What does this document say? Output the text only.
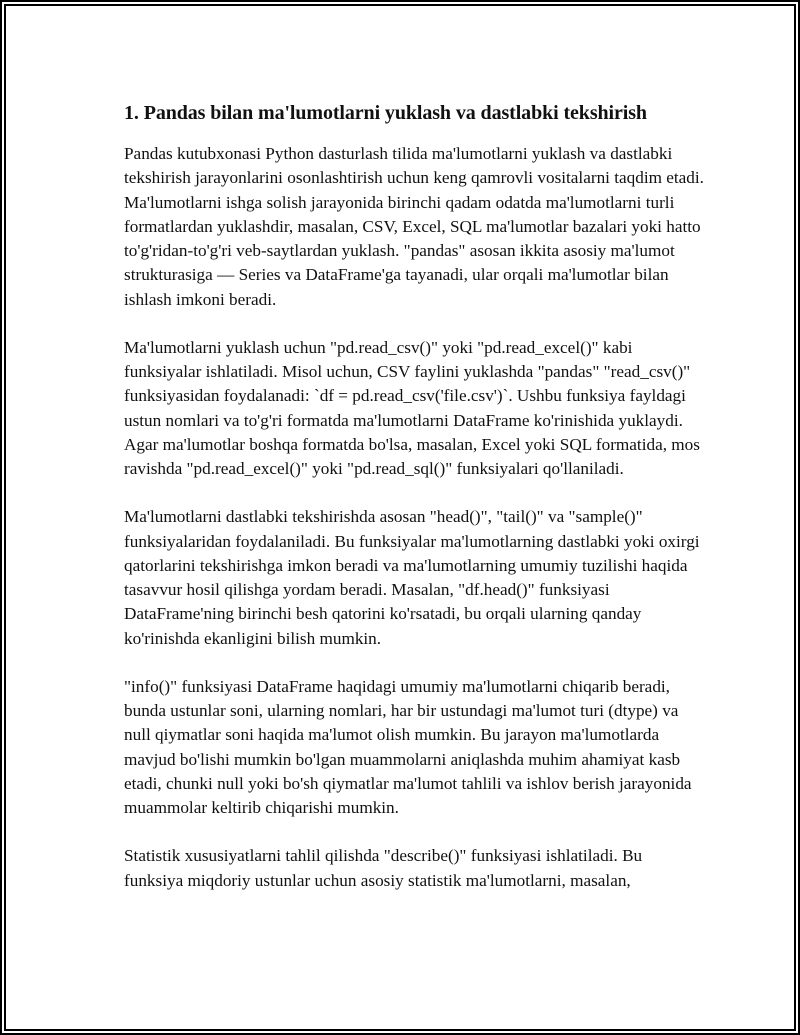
1. Pandas bilan ma'lumotlarni yuklash va dastlabki tekshirish

Pandas kutubxonasi Python dasturlash tilida ma'lumotlarni yuklash va dastlabki tekshirish jarayonlarini osonlashtirish uchun keng qamrovli vositalarni taqdim etadi. Ma'lumotlarni ishga solish jarayonida birinchi qadam odatda ma'lumotlarni turli formatlardan yuklashdir, masalan, CSV, Excel, SQL ma'lumotlar bazalari yoki hatto to'g'ridan-to'g'ri veb-saytlardan yuklash. "pandas" asosan ikkita asosiy ma'lumot strukturasiga — Series va DataFrame'ga tayanadi, ular orqali ma'lumotlar bilan ishlash imkoni beradi.

Ma'lumotlarni yuklash uchun "pd.read_csv()" yoki "pd.read_excel()" kabi funksiyalar ishlatiladi. Misol uchun, CSV faylini yuklashda "pandas" "read_csv()" funksiyasidan foydalanadi: `df = pd.read_csv('file.csv')`. Ushbu funksiya fayldagi ustun nomlari va to'g'ri formatda ma'lumotlarni DataFrame ko'rinishida yuklaydi. Agar ma'lumotlar boshqa formatda bo'lsa, masalan, Excel yoki SQL formatida, mos ravishda "pd.read_excel()" yoki "pd.read_sql()" funksiyalari qo'llaniladi.

Ma'lumotlarni dastlabki tekshirishda asosan "head()", "tail()" va "sample()" funksiyalaridan foydalaniladi. Bu funksiyalar ma'lumotlarning dastlabki yoki oxirgi qatorlarini tekshirishga imkon beradi va ma'lumotlarning umumiy tuzilishi haqida tasavvur hosil qilishga yordam beradi. Masalan, "df.head()" funksiyasi DataFrame'ning birinchi besh qatorini ko'rsatadi, bu orqali ularning qanday ko'rinishda ekanligini bilish mumkin.

"info()" funksiyasi DataFrame haqidagi umumiy ma'lumotlarni chiqarib beradi, bunda ustunlar soni, ularning nomlari, har bir ustundagi ma'lumot turi (dtype) va null qiymatlar soni haqida ma'lumot olish mumkin. Bu jarayon ma'lumotlarda mavjud bo'lishi mumkin bo'lgan muammolarni aniqlashda muhim ahamiyat kasb etadi, chunki null yoki bo'sh qiymatlar ma'lumot tahlili va ishlov berish jarayonida muammolar keltirib chiqarishi mumkin.

Statistik xususiyatlarni tahlil qilishda "describe()" funksiyasi ishlatiladi. Bu funksiya miqdoriy ustunlar uchun asosiy statistik ma'lumotlarni, masalan,
